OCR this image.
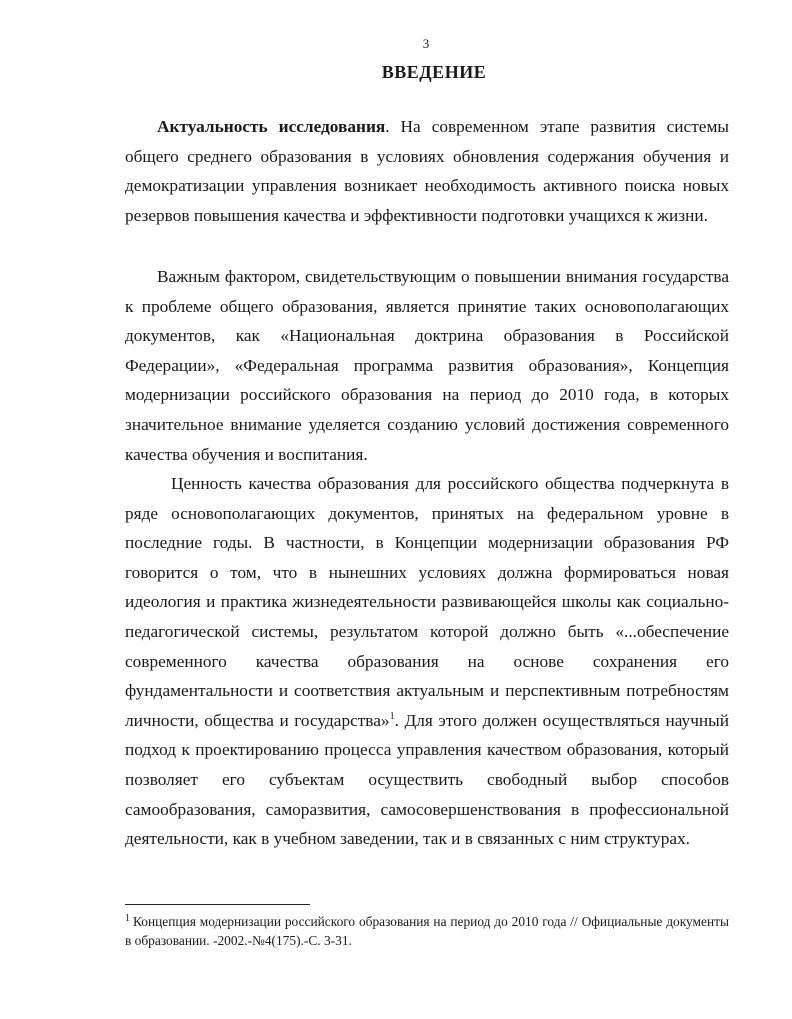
3
ВВЕДЕНИЕ

Актуальность исследования. На современном этапе развития системы общего среднего образования в условиях обновления содержания обучения и демократизации управления возникает необходимость активного поиска новых резервов повышения качества и эффективности подготовки учащихся к жизни.

Важным фактором, свидетельствующим о повышении внимания государства к проблеме общего образования, является принятие таких основополагающих документов, как «Национальная доктрина образования в Российской Федерации», «Федеральная программа развития образования», Концепция модернизации российского образования на период до 2010 года, в которых значительное внимание уделяется созданию условий достижения современного качества обучения и воспитания.

Ценность качества образования для российского общества подчеркнута в ряде основополагающих документов, принятых на федеральном уровне в последние годы. В частности, в Концепции модернизации образования РФ говорится о том, что в нынешних условиях должна формироваться новая идеология и практика жизнедеятельности развивающейся школы как социально-педагогической системы, результатом которой должно быть «...обеспечение современного качества образования на основе сохранения его фундаментальности и соответствия актуальным и перспективным потребностям личности, общества и государства»$^1$. Для этого должен осуществляться научный подход к проектированию процесса управления качеством образования, который позволяет его субъектам осуществить свободный выбор способов самообразования, саморазвития, самосовершенствования в профессиональной деятельности, как в учебном заведении, так и в связанных с ним структурах.

$^1$ Концепция модернизации российского образования на период до 2010 года // Официальные документы в образовании. -2002.-№4(175).-С. 3-31.
